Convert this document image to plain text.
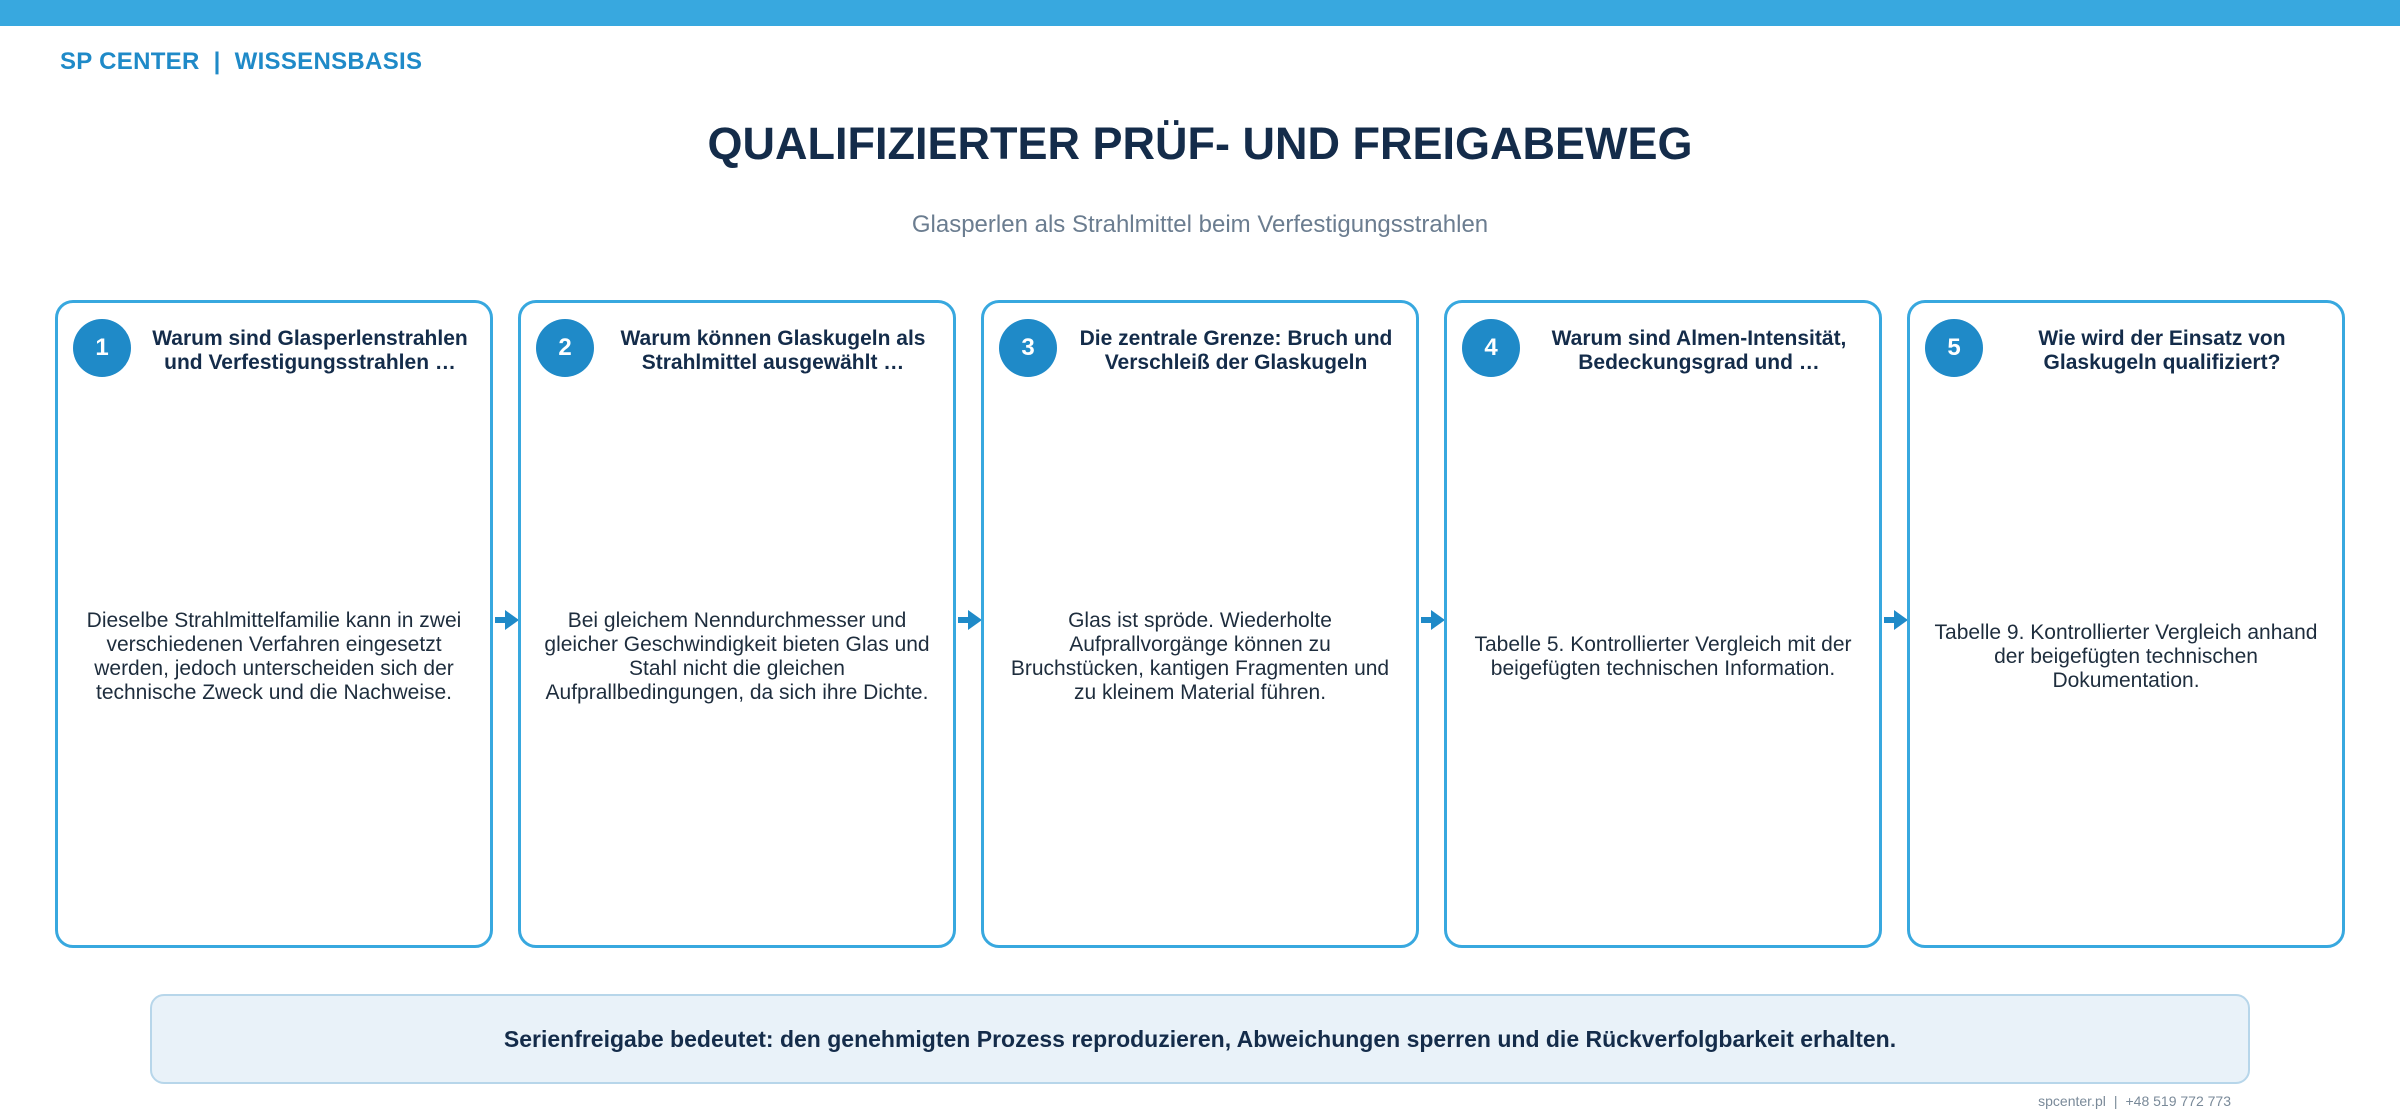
SP CENTER | WISSENSBASIS
QUALIFIZIERTER PRÜF- UND FREIGABEWEG

Glasperlen als Strahlmittel beim Verfestigungsstrahlen

1	Warum sind Glasperlenstrahlen und Verfestigungsstrahlen …
Dieselbe Strahlmittelfamilie kann in zwei verschiedenen Verfahren eingesetzt werden, jedoch unterscheiden sich der technische Zweck und die Nachweise.
2	Warum können Glaskugeln als Strahlmittel ausgewählt …
Bei gleichem Nenndurchmesser und gleicher Geschwindigkeit bieten Glas und Stahl nicht die gleichen Aufprallbedingungen, da sich ihre Dichte.
3	Die zentrale Grenze: Bruch und Verschleiß der Glaskugeln
Glas ist spröde. Wiederholte Aufprallvorgänge können zu Bruchstücken, kantigen Fragmenten und zu kleinem Material führen.
4	Warum sind Almen-Intensität, Bedeckungsgrad und …
Tabelle 5. Kontrollierter Vergleich mit der beigefügten technischen Information.
5	Wie wird der Einsatz von Glaskugeln qualifiziert?
Tabelle 9. Kontrollierter Vergleich anhand der beigefügten technischen Dokumentation.
Serienfreigabe bedeutet: den genehmigten Prozess reproduzieren, Abweichungen sperren und die Rückverfolgbarkeit erhalten.
spcenter.pl | +48 519 772 773
